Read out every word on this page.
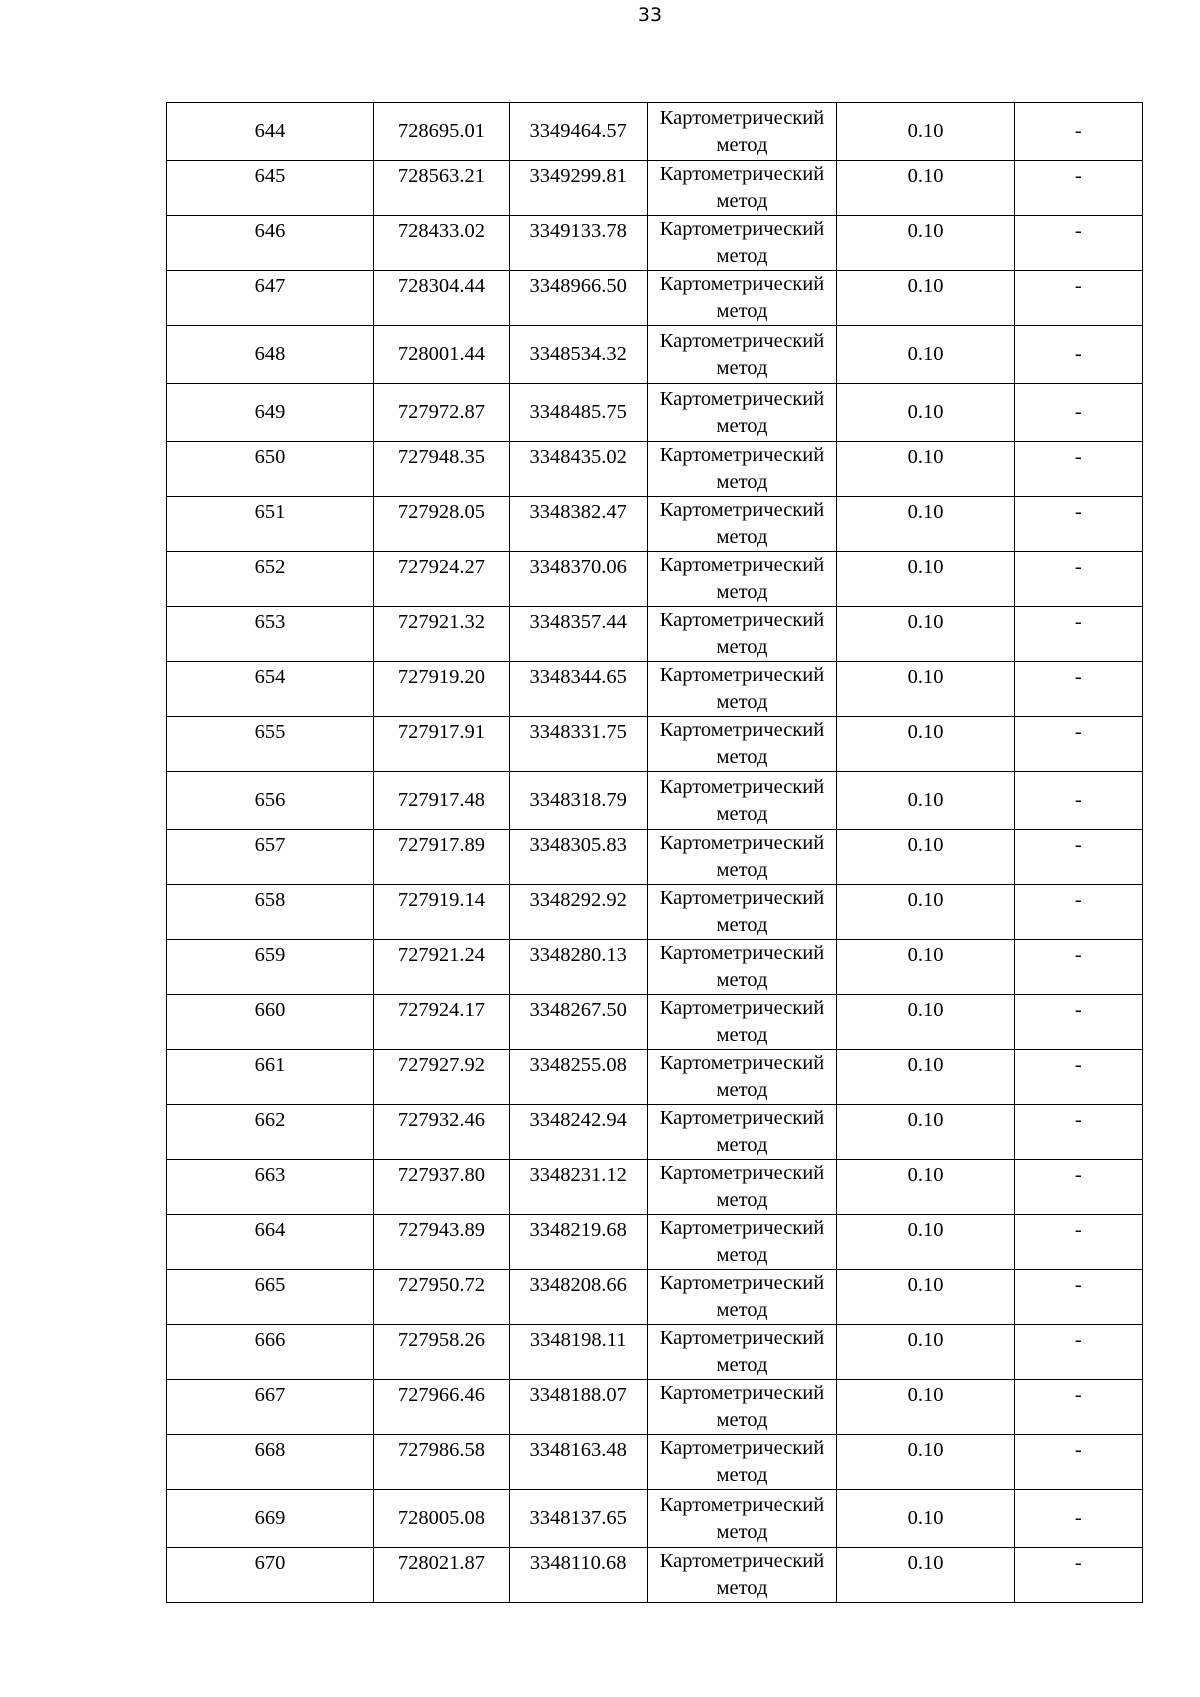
33
644	728695.01	3349464.57	Картометрический
метод	0.10	-
645	728563.21	3349299.81	Картометрический
метод	0.10	-
646	728433.02	3349133.78	Картометрический
метод	0.10	-
647	728304.44	3348966.50	Картометрический
метод	0.10	-
648	728001.44	3348534.32	Картометрический
метод	0.10	-
649	727972.87	3348485.75	Картометрический
метод	0.10	-
650	727948.35	3348435.02	Картометрический
метод	0.10	-
651	727928.05	3348382.47	Картометрический
метод	0.10	-
652	727924.27	3348370.06	Картометрический
метод	0.10	-
653	727921.32	3348357.44	Картометрический
метод	0.10	-
654	727919.20	3348344.65	Картометрический
метод	0.10	-
655	727917.91	3348331.75	Картометрический
метод	0.10	-
656	727917.48	3348318.79	Картометрический
метод	0.10	-
657	727917.89	3348305.83	Картометрический
метод	0.10	-
658	727919.14	3348292.92	Картометрический
метод	0.10	-
659	727921.24	3348280.13	Картометрический
метод	0.10	-
660	727924.17	3348267.50	Картометрический
метод	0.10	-
661	727927.92	3348255.08	Картометрический
метод	0.10	-
662	727932.46	3348242.94	Картометрический
метод	0.10	-
663	727937.80	3348231.12	Картометрический
метод	0.10	-
664	727943.89	3348219.68	Картометрический
метод	0.10	-
665	727950.72	3348208.66	Картометрический
метод	0.10	-
666	727958.26	3348198.11	Картометрический
метод	0.10	-
667	727966.46	3348188.07	Картометрический
метод	0.10	-
668	727986.58	3348163.48	Картометрический
метод	0.10	-
669	728005.08	3348137.65	Картометрический
метод	0.10	-
670	728021.87	3348110.68	Картометрический
метод	0.10	-
